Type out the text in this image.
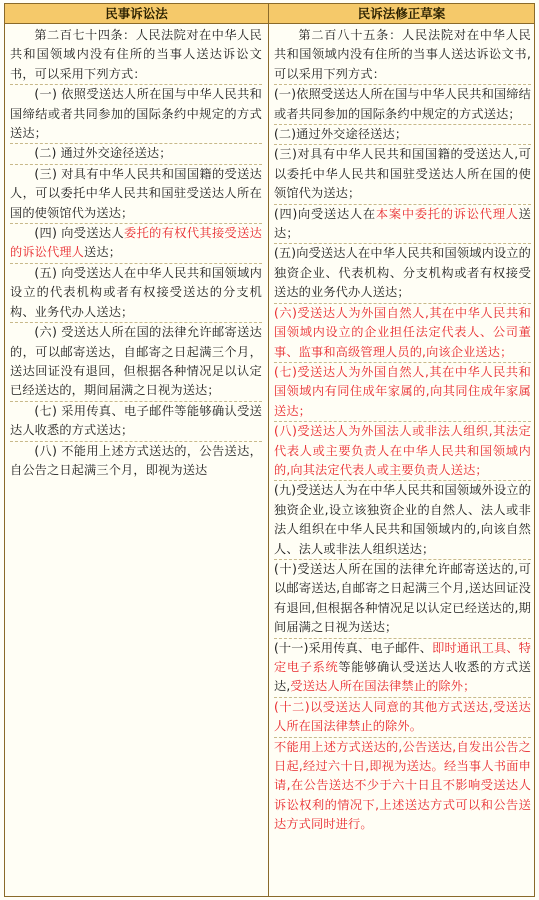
民事诉讼法	民诉法修正草案

第二百七十四条：人民法院对在中华人民共和国领域内没有住所的当事人送达诉讼文书，可以采用下列方式：

(一) 依照受送达人所在国与中华人民共和国缔结或者共同参加的国际条约中规定的方式送达；

(二) 通过外交途径送达；

(三) 对具有中华人民共和国国籍的受送达人，可以委托中华人民共和国驻受送达人所在国的使领馆代为送达；

(四) 向受送达人委托的有权代其接受送达的诉讼代理人送达；

(五) 向受送达人在中华人民共和国领域内设立的代表机构或者有权接受送达的分支机构、业务代办人送达；

(六) 受送达人所在国的法律允许邮寄送达的，可以邮寄送达，自邮寄之日起满三个月，送达回证没有退回，但根据各种情况足以认定已经送达的，期间届满之日视为送达；

(七) 采用传真、电子邮件等能够确认受送达人收悉的方式送达；

(八) 不能用上述方式送达的，公告送达，自公告之日起满三个月，即视为送达

第二百八十五条：人民法院对在中华人民共和国领域内没有住所的当事人送达诉讼文书,可以采用下列方式：

(一)依照受送达人所在国与中华人民共和国缔结或者共同参加的国际条约中规定的方式送达；

(二)通过外交途径送达；

(三)对具有中华人民共和国国籍的受送达人,可以委托中华人民共和国驻受送达人所在国的使领馆代为送达；

(四)向受送达人在本案中委托的诉讼代理人送达；

(五)向受送达人在中华人民共和国领域内设立的独资企业、代表机构、分支机构或者有权接受送达的业务代办人送达；

(六)受送达人为外国自然人,其在中华人民共和国领域内设立的企业担任法定代表人、公司董事、监事和高级管理人员的,向该企业送达；

(七)受送达人为外国自然人,其在中华人民共和国领域内有同住成年家属的,向其同住成年家属送达；

(八)受送达人为外国法人或非法人组织,其法定代表人或主要负责人在中华人民共和国领域内的,向其法定代表人或主要负责人送达；

(九)受送达人为在中华人民共和国领域外设立的独资企业,设立该独资企业的自然人、法人或非法人组织在中华人民共和国领域内的,向该自然人、法人或非法人组织送达；

(十)受送达人所在国的法律允许邮寄送达的,可以邮寄送达,自邮寄之日起满三个月,送达回证没有退回,但根据各种情况足以认定已经送达的,期间届满之日视为送达；

(十一)采用传真、电子邮件、即时通讯工具、特定电子系统等能够确认受送达人收悉的方式送达,受送达人所在国法律禁止的除外；

(十二)以受送达人同意的其他方式送达,受送达人所在国法律禁止的除外。

不能用上述方式送达的,公告送达,自发出公告之日起,经过六十日,即视为送达。经当事人书面申请,在公告送达不少于六十日且不影响受送达人诉讼权利的情况下,上述送达方式可以和公告送达方式同时进行。
